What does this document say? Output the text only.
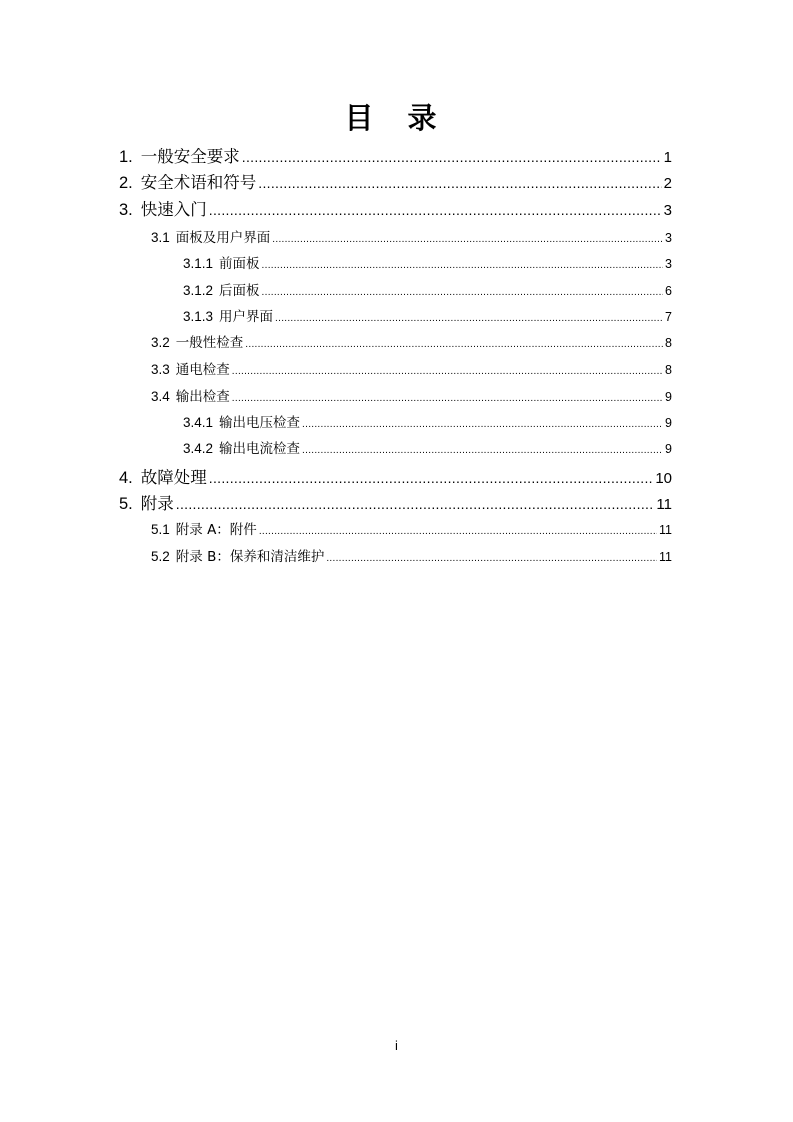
目 录
1. 一般安全要求 .....	1
2. 安全术语和符号 .....	2
3. 快速入门 .....	3
3.1 面板及用户界面 .....	3
3.1.1 前面板 .....	3
3.1.2 后面板 .....	6
3.1.3 用户界面 .....	7
3.2 一般性检查 .....	8
3.3 通电检查 .....	8
3.4 输出检查 .....	9
3.4.1 输出电压检查 .....	9
3.4.2 输出电流检查 .....	9
4. 故障处理 .....	10
5. 附录 .....	11
5.1 附录 A：附件 .....	11
5.2 附录 B：保养和清洁维护 .....	11
i
